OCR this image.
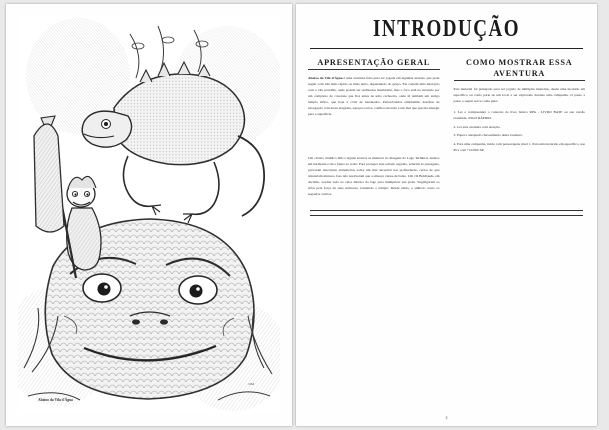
Abaixo da Vila d'Água
OM
INTRODUÇÃO
APRESENTAÇÃO GERAL

Abaixo da Vila d'Água é uma aventura feita para ser jogada em algumas sessões, que pode seguir com três mais rápido ou mais lento, dependendo do grupo. Ela contém uma interação com a vila próxima, onde podem ser realizados interlúdios, mas o foco está na incursão por um complexo de cavernas que fica antes de uma cachoeira, onde fé também um antigo templo élfico, que hoje é covil de bandeados. Partes/bandos emitiremão desafios de navegação com áreas alagadas, espaços tortos, confitos mortais e um mal que precisa emergir para a superfície.

COMO MOSTRAR ESSA
AVENTURA

Este material foi planejado para ser jogado de múltiplas maneiras, desde uma incursão em específico ou como parte de um local a ser explorado durante uma campanha. O passo a passo a seguir serve como guia:

1. Ler e compreender o contexto do livro básico RPG - LIVRO BASE ou sua versão resumida, JOGO RÁPIDO.

2. Ler esta aventura com atenção.

3. Papel e adequado chaveamento desta aventura.

4. Para uma campanha, inicie com personagens nível 1. Para uma incursão em específico, use PCs com +10.000 XP.

Um circulo druídico élfico alguns séculos se manteve no margens do Lago Terminal, atentos em harmonia com a fauna ao redor. Para proteger este achado sagrado, seleram as passagens, gravaram inscrições antiemotras sobre um mal ancestral nas profundezas, certos de que afastariam intrusos. Isso não resolveram que a ameaça viesse de baixo. Um clã Balrilauds, em declínio, acedeu todo no calor místico do lago para multiplicar sua prole. Sugaligaram os elfos pela força de seus turmores, tornaíndo o templo. Desde então, o silêncio conto os segredos ocultos.

4
